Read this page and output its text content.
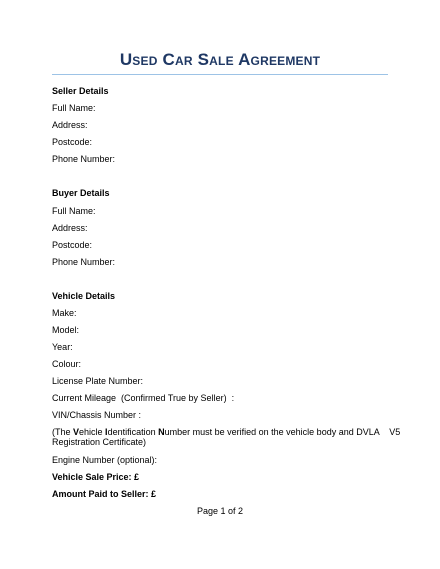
Used Car Sale Agreement
Seller Details
Full Name:
Address:
Postcode:
Phone Number:
Buyer Details
Full Name:
Address:
Postcode:
Phone Number:
Vehicle Details
Make:
Model:
Year:
Colour:
License Plate Number:
Current Mileage  (Confirmed True by Seller)  :
VIN/Chassis Number :
(The Vehicle Identification Number must be verified on the vehicle body and DVLA    V5
Registration Certificate)
Engine Number (optional):
Vehicle Sale Price: £
Amount Paid to Seller: £
Page 1 of 2
